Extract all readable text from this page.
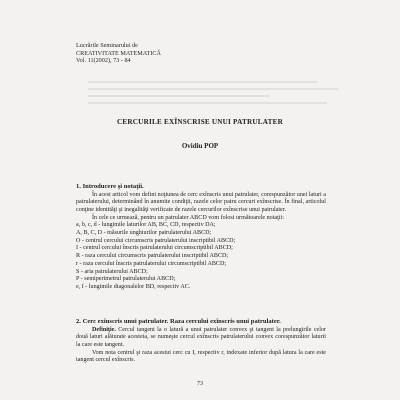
Lucrările Seminarului de
CREATIVITATE MATEMATICĂ
Vol. 11(2002), 73 - 84
CERCURILE EXÎNSCRISE UNUI PATRULATER
Ovidiu POP
1. Introducere şi notaţii.

În acest articol vom defini noţiunea de cerc exînscris unui patrulater, corespunzător unei laturi a patrulaterului, determinând în anumite condiţii, razele celor patru cercuri exînscrise. În final, articolul conţine identităţi şi inegalităţi verificate de razele cercurilor exînscrise unui patrulater.

În cele ce urmează, pentru un patrulater ABCD vom folosi următoarele notaţii:

a, b, c, d - lungimile laturilor AB, BC, CD, respectiv DA;

A, B, C, D - măsurile unghiurilor patrulaterului ABCD;

O - centrul cercului circumscris patrulaterului inscriptibil ABCD;

I - centrul cercului înscris patrulaterului circumscriptibil ABCD;

R - raza cercului circumscris patrulaterului inscriptibil ABCD;

r - raza cercului înscris patrulaterului circumscriptibil ABCD;

S - aria patrulaterului ABCD;

P - semiperimetrul patrulaterului ABCD;

e, f - lungimile diagonalelor BD, respectiv AC.

2. Cerc exînscris unui patrulater. Raza cercului exînscris unui patrulater.

Definiţie. Cercul tangent la o latură a unui patrulater convex şi tangent la prelungirile celor două laturi alăturate acesteia, se numeşte cercul exînscris patrulaterului convex corespunzător laturii la care este tangent.

Vom nota centrul şi raza acestui cerc cu I, respectiv r, indexate inferior după latura la care este tangent cercul exînscris.

73
